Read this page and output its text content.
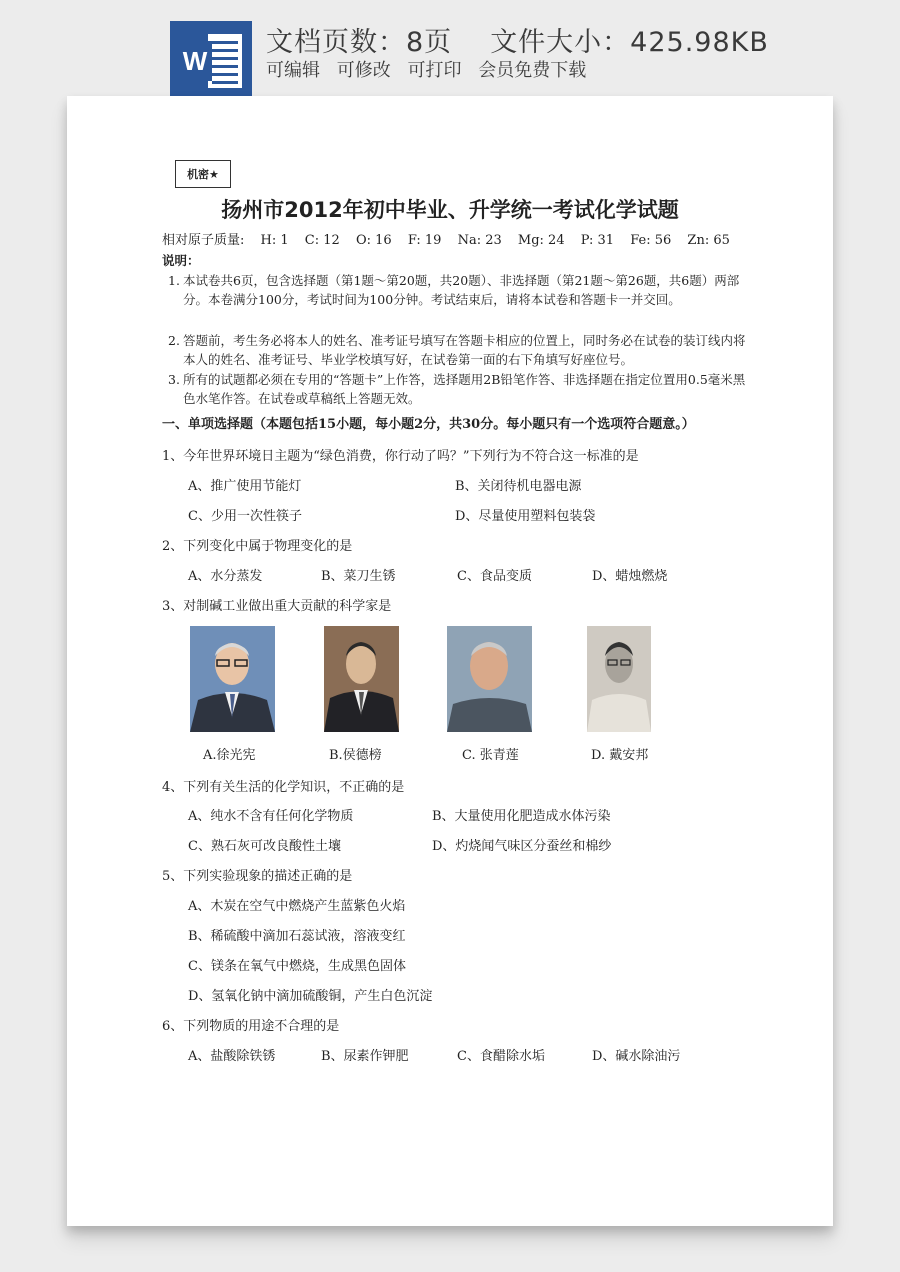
W
文档页数：8页 文件大小：425.98KB
可编辑 可修改 可打印 会员免费下载
机密★
扬州市2012年初中毕业、升学统一考试化学试题
相对原子质量: H: 1 C: 12 O: 16 F: 19 Na: 23 Mg: 24 P: 31 Fe: 56 Zn: 65
说明：
1. 本试卷共6页，包含选择题（第1题～第20题，共20题）、非选择题（第21题～第26题，共6题）两部分。本卷满分100分，考试时间为100分钟。考试结束后，请将本试卷和答题卡一并交回。
2. 答题前，考生务必将本人的姓名、准考证号填写在答题卡相应的位置上，同时务必在试卷的装订线内将本人的姓名、准考证号、毕业学校填写好，在试卷第一面的右下角填写好座位号。
3. 所有的试题都必须在专用的“答题卡”上作答，选择题用2B铅笔作答、非选择题在指定位置用0.5毫米黑色水笔作答。在试卷或草稿纸上答题无效。
一、单项选择题（本题包括15小题，每小题2分，共30分。每小题只有一个选项符合题意。）
1、今年世界环境日主题为“绿色消费，你行动了吗？”下列行为不符合这一标准的是
A、推广使用节能灯	B、关闭待机电器电源
C、少用一次性筷子	D、尽量使用塑料包装袋
2、下列变化中属于物理变化的是
A、水分蒸发	B、菜刀生锈	C、食品变质	D、蜡烛燃烧
3、对制碱工业做出重大贡献的科学家是
A.徐光宪	B.侯德榜	C. 张青莲	D. 戴安邦
4、下列有关生活的化学知识，不正确的是
A、纯水不含有任何化学物质	B、大量使用化肥造成水体污染
C、熟石灰可改良酸性土壤	D、灼烧闻气味区分蚕丝和棉纱
5、下列实验现象的描述正确的是
A、木炭在空气中燃烧产生蓝紫色火焰
B、稀硫酸中滴加石蕊试液，溶液变红
C、镁条在氧气中燃烧，生成黑色固体
D、氢氧化钠中滴加硫酸铜，产生白色沉淀
6、下列物质的用途不合理的是
A、盐酸除铁锈	B、尿素作钾肥	C、食醋除水垢	D、碱水除油污
